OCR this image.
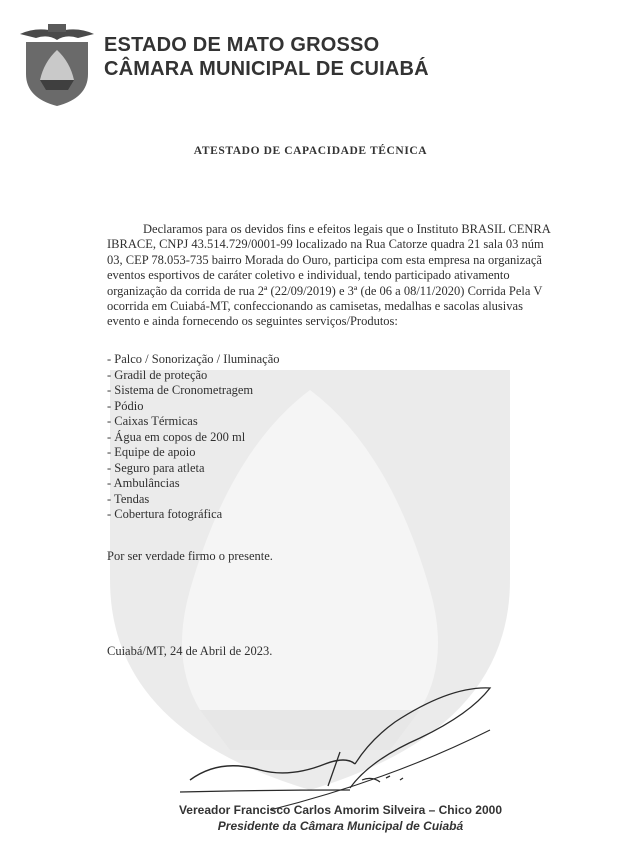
ESTADO DE MATO GROSSO
CÂMARA MUNICIPAL DE CUIABÁ
ATESTADO DE CAPACIDADE TÉCNICA
Declaramos para os devidos fins e efeitos legais que o Instituto BRASIL CENRA
IBRACE, CNPJ 43.514.729/0001-99 localizado na Rua Catorze quadra 21 sala 03 núm
03, CEP 78.053-735 bairro Morada do Ouro, participa com esta empresa na organizaçã
eventos esportivos de caráter coletivo e individual, tendo participado ativamento
organização da corrida de rua 2ª (22/09/2019) e 3ª (de 06 a 08/11/2020) Corrida Pela V
ocorrida em Cuiabá-MT, confeccionando as camisetas, medalhas e sacolas alusivas
evento e ainda fornecendo os seguintes serviços/Produtos:
- Palco / Sonorização / Iluminação
- Gradil de proteção
- Sistema de Cronometragem
- Pódio
- Caixas Térmicas
- Água em copos de 200 ml
- Equipe de apoio
- Seguro para atleta
- Ambulâncias
- Tendas
- Cobertura fotográfica
Por ser verdade firmo o presente.
Cuiabá/MT, 24 de Abril de 2023.
Vereador Francisco Carlos Amorim Silveira – Chico 2000
Presidente da Câmara Municipal de Cuiabá
